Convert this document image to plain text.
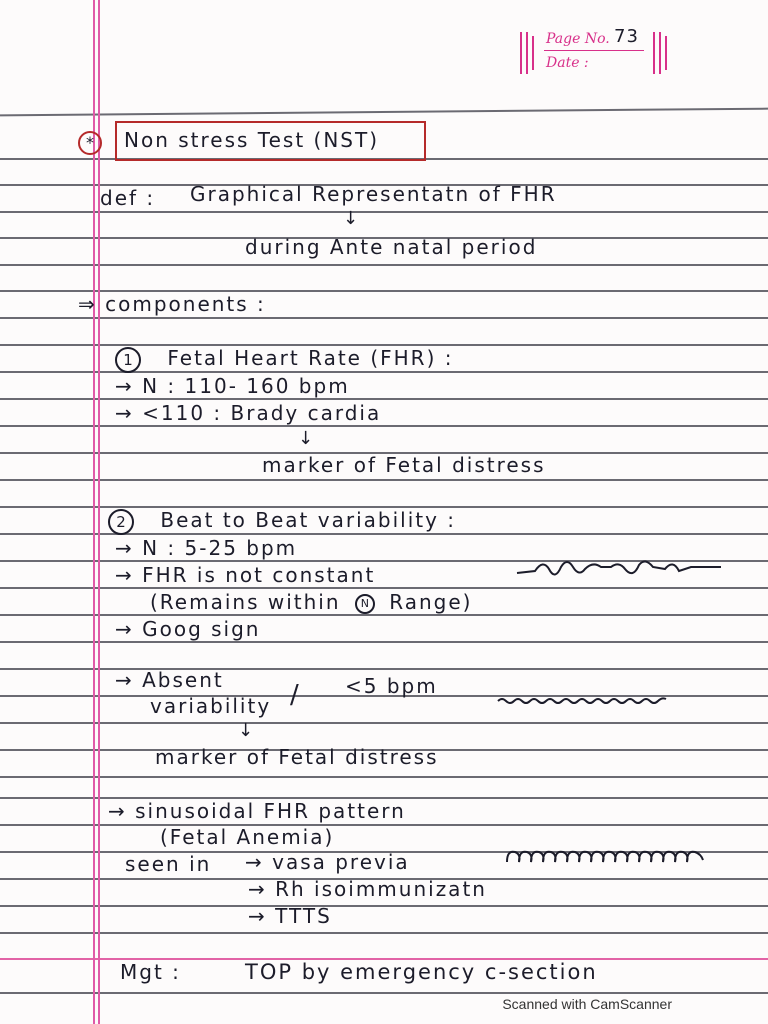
Page No. 73
Date :
*	Non stress Test (NST)
def : Graphical Representatn of FHR
↓
during Ante natal period
⇒ components :
1 Fetal Heart Rate (FHR) :
→ N : 110- 160 bpm
→ <110 : Brady cardia
↓
marker of Fetal distress
2 Beat to Beat variability :
→ N : 5-25 bpm
→ FHR is not constant
(Remains within N Range)
→ Goog sign
→ Absent
variability / <5 bpm
↓
marker of Fetal distress
→ sinusoidal FHR pattern
(Fetal Anemia)
seen in → vasa previa
→ Rh isoimmunizatn
→ TTTS
Mgt :	TOP by emergency c-section
Scanned with CamScanner
